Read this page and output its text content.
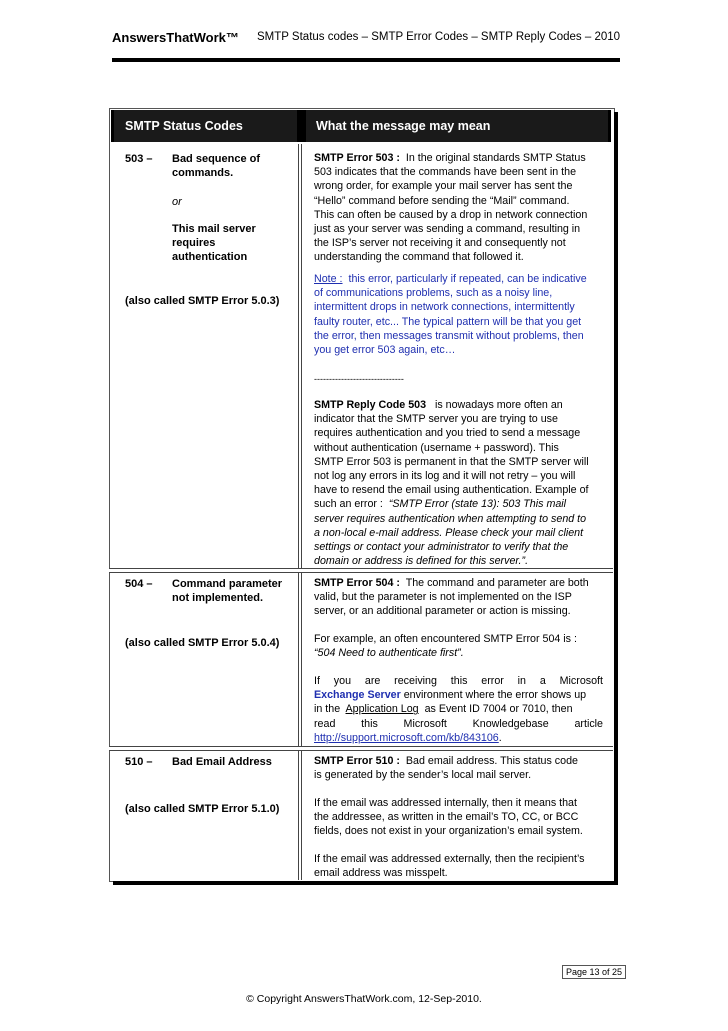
AnswersThatWork™ SMTP Status codes – SMTP Error Codes – SMTP Reply Codes – 2010
SMTP Status Codes	What the message may mean
503 – Bad sequence of
commands.
or
This mail server
requires
authentication
(also called SMTP Error 5.0.3)
SMTP Error 503 : In the original standards SMTP Status
503 indicates that the commands have been sent in the
wrong order, for example your mail server has sent the
“Hello” command before sending the “Mail” command.
This can often be caused by a drop in network connection
just as your server was sending a command, resulting in
the ISP’s server not receiving it and consequently not
understanding the command that followed it.
Note : this error, particularly if repeated, can be indicative
of communications problems, such as a noisy line,
intermittent drops in network connections, intermittently
faulty router, etc... The typical pattern will be that you get
the error, then messages transmit without problems, then
you get error 503 again, etc…
------------------------------
SMTP Reply Code 503 is nowadays more often an
indicator that the SMTP server you are trying to use
requires authentication and you tried to send a message
without authentication (username + password). This
SMTP Error 503 is permanent in that the SMTP server will
not log any errors in its log and it will not retry – you will
have to resend the email using authentication. Example of
such an error : “SMTP Error (state 13): 503 This mail
server requires authentication when attempting to send to
a non-local e-mail address. Please check your mail client
settings or contact your administrator to verify that the
domain or address is defined for this server.”.
504 – Command parameter
not implemented.
(also called SMTP Error 5.0.4)
SMTP Error 504 : The command and parameter are both
valid, but the parameter is not implemented on the ISP
server, or an additional parameter or action is missing.
For example, an often encountered SMTP Error 504 is :
“504 Need to authenticate first”.
If you are receiving this error in a Microsoft
Exchange Server environment where the error shows up
in the Application Log as Event ID 7004 or 7010, then
read this Microsoft Knowledgebase article
http://support.microsoft.com/kb/843106.
510 – Bad Email Address
(also called SMTP Error 5.1.0)
SMTP Error 510 : Bad email address. This status code
is generated by the sender’s local mail server.
If the email was addressed internally, then it means that
the addressee, as written in the email’s TO, CC, or BCC
fields, does not exist in your organization’s email system.
If the email was addressed externally, then the recipient’s
email address was misspelt.
Page 13 of 25
© Copyright AnswersThatWork.com, 12-Sep-2010.
